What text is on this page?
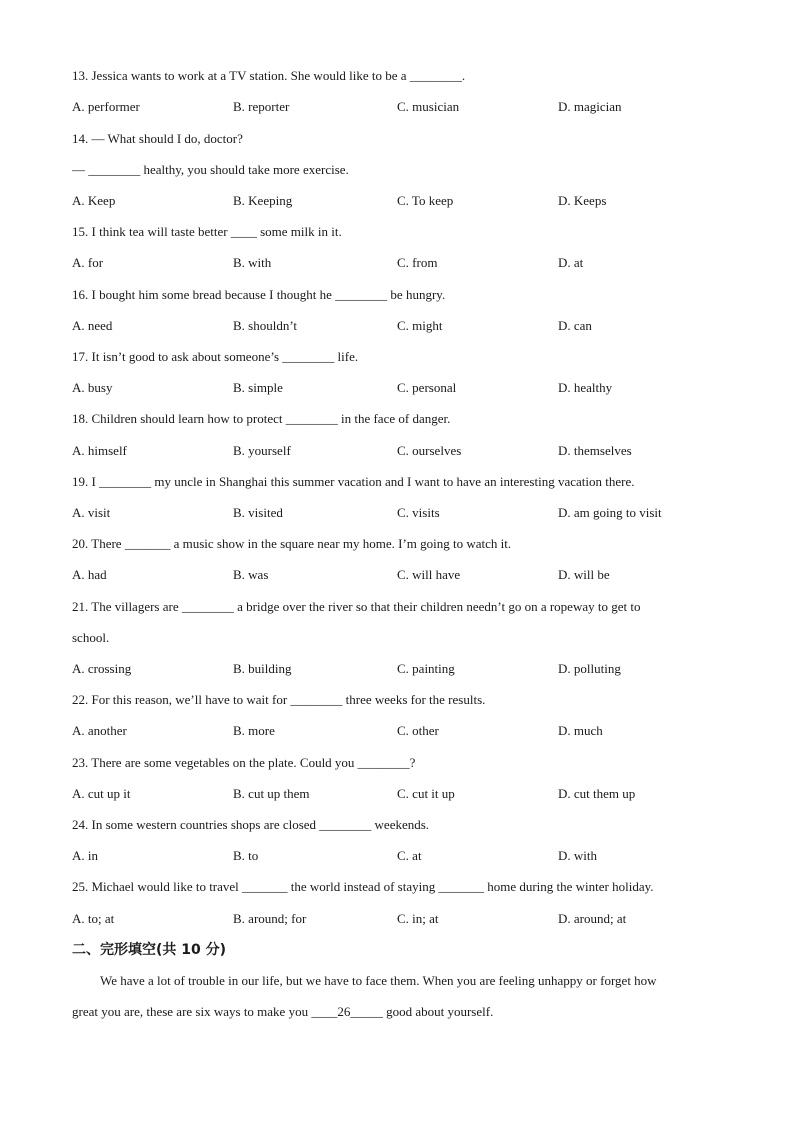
13. Jessica wants to work at a TV station. She would like to be a ________.
A. performer	B. reporter	C. musician	D. magician
14. — What should I do, doctor?
— ________ healthy, you should take more exercise.
A. Keep	B. Keeping	C. To keep	D. Keeps
15. I think tea will taste better ____ some milk in it.
A. for	B. with	C. from	D. at
16. I bought him some bread because I thought he ________ be hungry.
A. need	B. shouldn’t	C. might	D. can
17. It isn’t good to ask about someone’s ________ life.
A. busy	B. simple	C. personal	D. healthy
18. Children should learn how to protect ________ in the face of danger.
A. himself	B. yourself	C. ourselves	D. themselves
19. I ________ my uncle in Shanghai this summer vacation and I want to have an interesting vacation there.
A. visit	B. visited	C. visits	D. am going to visit
20. There _______ a music show in the square near my home. I’m going to watch it.
A. had	B. was	C. will have	D. will be
21. The villagers are ________ a bridge over the river so that their children needn’t go on a ropeway to get to
school.
A. crossing	B. building	C. painting	D. polluting
22. For this reason, we’ll have to wait for ________ three weeks for the results.
A. another	B. more	C. other	D. much
23. There are some vegetables on the plate. Could you ________?
A. cut up it	B. cut up them	C. cut it up	D. cut them up
24. In some western countries shops are closed ________ weekends.
A. in	B. to	C. at	D. with
25. Michael would like to travel _______ the world instead of staying _______ home during the winter holiday.
A. to; at	B. around; for	C. in; at	D. around; at
二、完形填空(共 10 分)
We have a lot of trouble in our life, but we have to face them. When you are feeling unhappy or forget how
great you are, these are six ways to make you ____26_____ good about yourself.
